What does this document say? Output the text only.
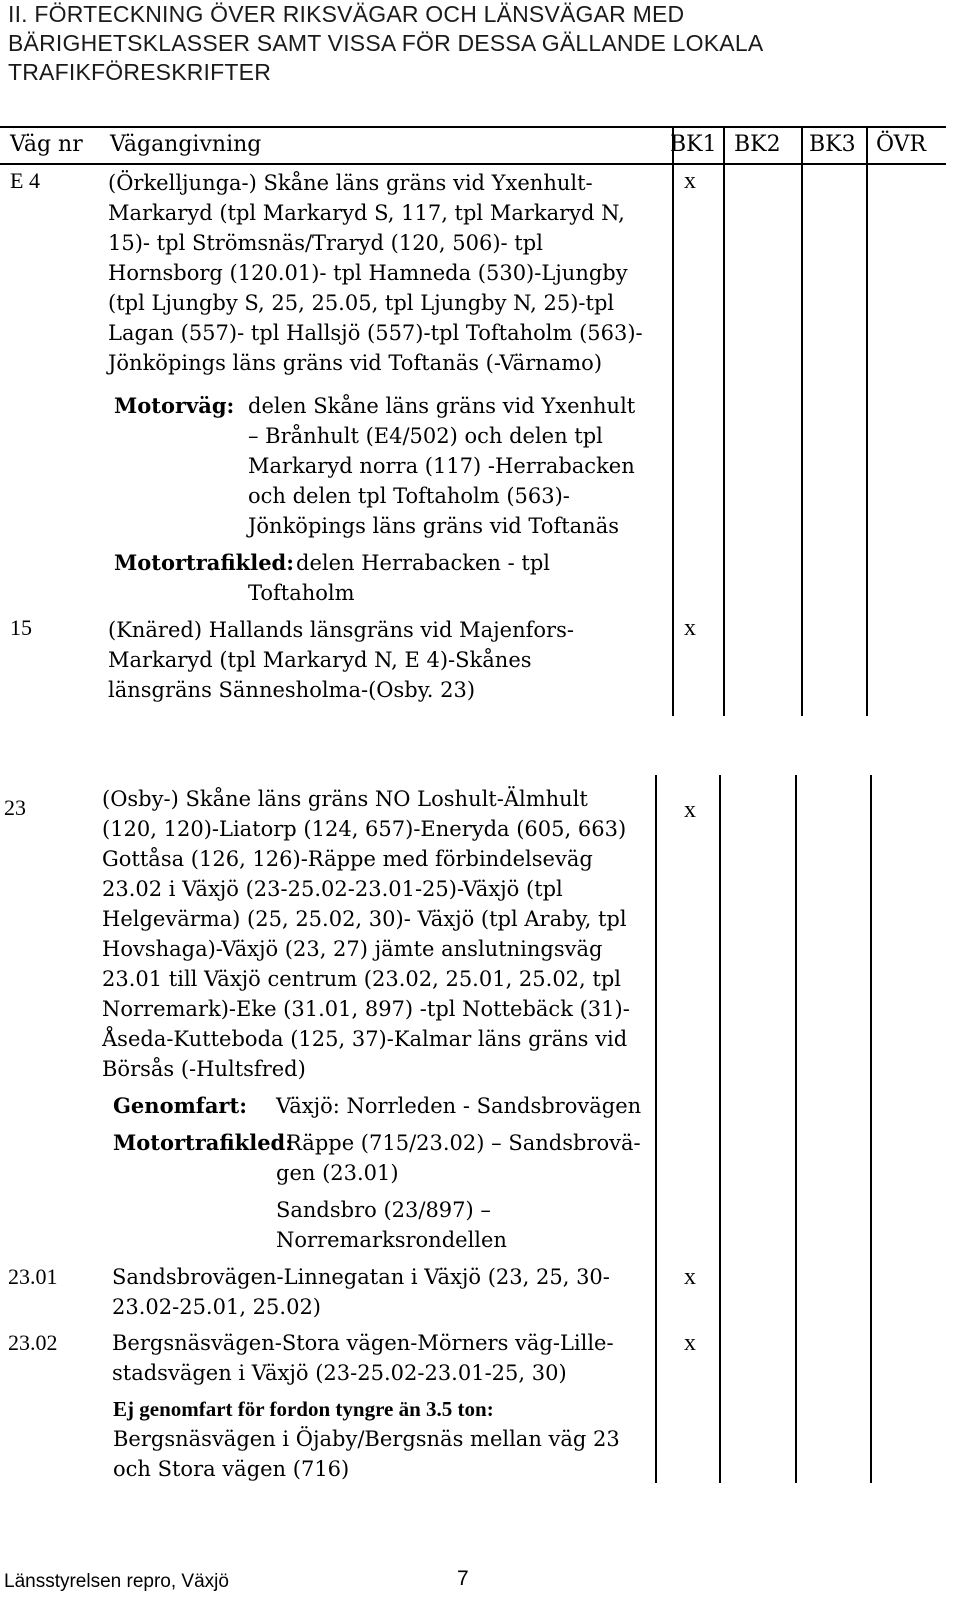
II. FÖRTECKNING ÖVER RIKSVÄGAR OCH LÄNSVÄGAR MED
BÄRIGHETSKLASSER SAMT VISSA FÖR DESSA GÄLLANDE LOKALA
TRAFIKFÖRESKRIFTER
Väg nr Vägangivning	BK1 BK2 BK3 ÖVR
E 4	x
(Örkelljunga-) Skåne läns gräns vid Yxenhult-
Markaryd (tpl Markaryd S, 117, tpl Markaryd N,
15)- tpl Strömsnäs/Traryd (120, 506)- tpl
Hornsborg (120.01)- tpl Hamneda (530)-Ljungby
(tpl Ljungby S, 25, 25.05, tpl Ljungby N, 25)-tpl
Lagan (557)- tpl Hallsjö (557)-tpl Toftaholm (563)-
Jönköpings läns gräns vid Toftanäs (-Värnamo)
Motorväg: delen Skåne läns gräns vid Yxenhult
– Brånhult (E4/502) och delen tpl
Markaryd norra (117) -Herrabacken
och delen tpl Toftaholm (563)-
Jönköpings läns gräns vid Toftanäs
Motortrafikled: delen Herrabacken - tpl
Toftaholm
15	x
(Knäred) Hallands länsgräns vid Majenfors-
Markaryd (tpl Markaryd N, E 4)-Skånes
länsgräns Sännesholma-(Osby. 23)
23	x
(Osby-) Skåne läns gräns NO Loshult-Älmhult
(120, 120)-Liatorp (124, 657)-Eneryda (605, 663)
Gottåsa (126, 126)-Räppe med förbindelseväg
23.02 i Växjö (23-25.02-23.01-25)-Växjö (tpl
Helgevärma) (25, 25.02, 30)- Växjö (tpl Araby, tpl
Hovshaga)-Växjö (23, 27) jämte anslutningsväg
23.01 till Växjö centrum (23.02, 25.01, 25.02, tpl
Norremark)-Eke (31.01, 897) -tpl Nottebäck (31)-
Åseda-Kutteboda (125, 37)-Kalmar läns gräns vid
Börsås (-Hultsfred)
Genomfart: Växjö: Norrleden - Sandsbrovägen
Motortrafikled:
Räppe (715/23.02) – Sandsbrovä-
gen (23.01)
Sandsbro (23/897) –
Norremarksrondellen
23.01	x
Sandsbrovägen-Linnegatan i Växjö (23, 25, 30-
23.02-25.01, 25.02)
23.02	x
Bergsnäsvägen-Stora vägen-Mörners väg-Lille-
stadsvägen i Växjö (23-25.02-23.01-25, 30)
Ej genomfart för fordon tyngre än 3.5 ton:
Bergsnäsvägen i Öjaby/Bergsnäs mellan väg 23
och Stora vägen (716)
Länsstyrelsen repro, Växjö	7
